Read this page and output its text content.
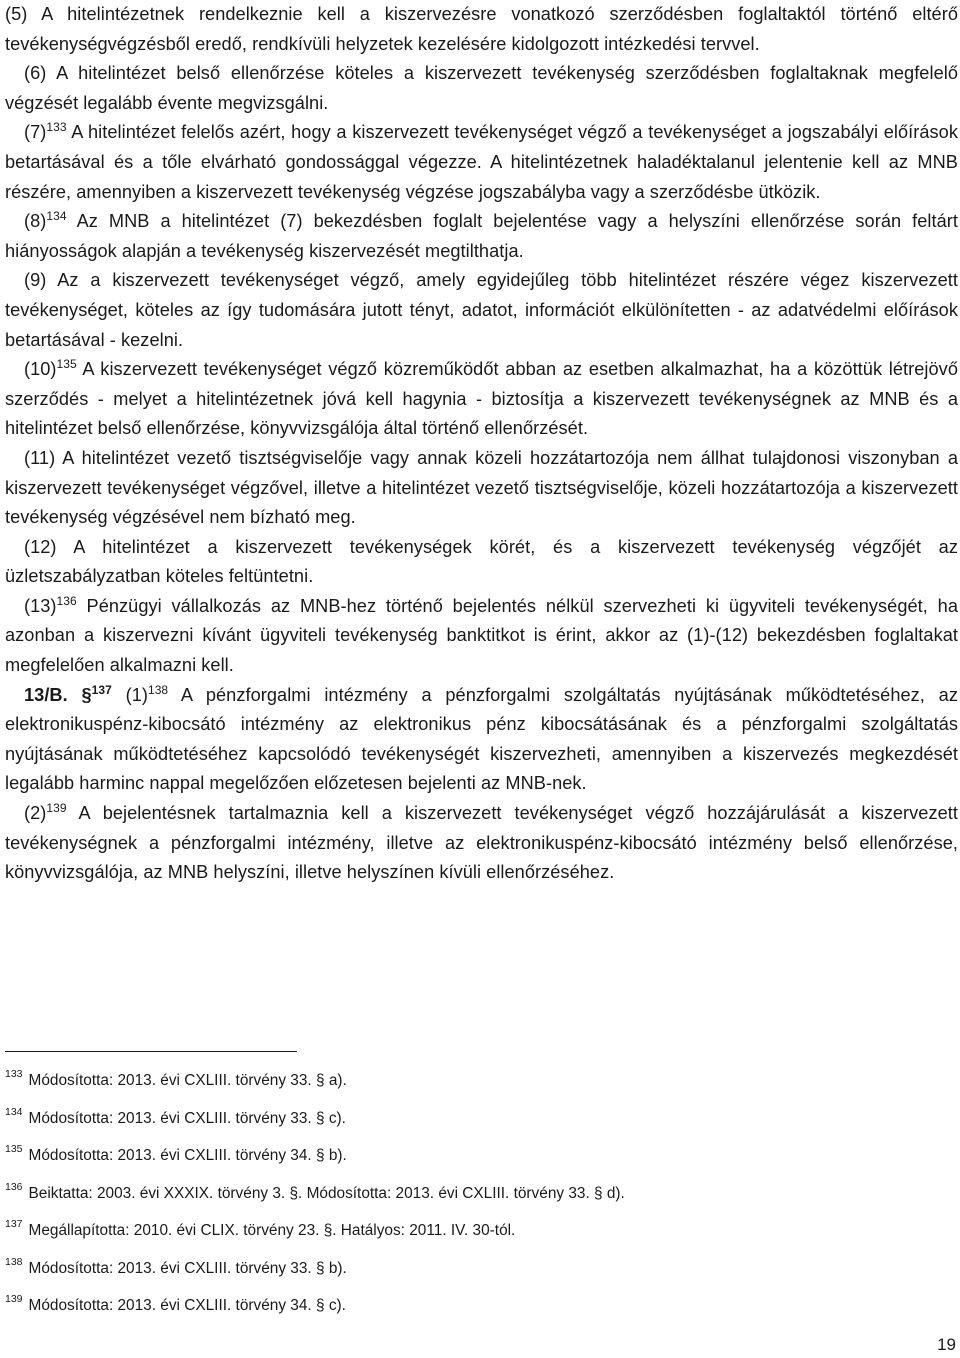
(5) A hitelintézetnek rendelkeznie kell a kiszervezésre vonatkozó szerződésben foglaltaktól történő eltérő tevékenységvégzésből eredő, rendkívüli helyzetek kezelésére kidolgozott intézkedési tervvel.

(6) A hitelintézet belső ellenőrzése köteles a kiszervezett tevékenység szerződésben foglaltaknak megfelelő végzését legalább évente megvizsgálni.

$(7)^{133}$ A hitelintézet felelős azért, hogy a kiszervezett tevékenységet végző a tevékenységet a jogszabályi előírások betartásával és a tőle elvárható gondossággal végezze. A hitelintézetnek haladéktalanul jelentenie kell az MNB részére, amennyiben a kiszervezett tevékenység végzése jogszabályba vagy a szerződésbe ütközik.

$(8)^{134}$ Az MNB a hitelintézet (7) bekezdésben foglalt bejelentése vagy a helyszíni ellenőrzése során feltárt hiányosságok alapján a tevékenység kiszervezését megtilthatja.

(9) Az a kiszervezett tevékenységet végző, amely egyidejűleg több hitelintézet részére végez kiszervezett tevékenységet, köteles az így tudomására jutott tényt, adatot, információt elkülönítetten - az adatvédelmi előírások betartásával - kezelni.

$(10)^{135}$ A kiszervezett tevékenységet végző közreműködőt abban az esetben alkalmazhat, ha a közöttük létrejövő szerződés - melyet a hitelintézetnek jóvá kell hagynia - biztosítja a kiszervezett tevékenységnek az MNB és a hitelintézet belső ellenőrzése, könyvvizsgálója által történő ellenőrzését.

(11) A hitelintézet vezető tisztségviselője vagy annak közeli hozzátartozója nem állhat tulajdonosi viszonyban a kiszervezett tevékenységet végzővel, illetve a hitelintézet vezető tisztségviselője, közeli hozzátartozója a kiszervezett tevékenység végzésével nem bízható meg.

(12) A hitelintézet a kiszervezett tevékenységek körét, és a kiszervezett tevékenység végzőjét az üzletszabályzatban köteles feltüntetni.

$(13)^{136}$ Pénzügyi vállalkozás az MNB-hez történő bejelentés nélkül szervezheti ki ügyviteli tevékenységét, ha azonban a kiszervezni kívánt ügyviteli tevékenység banktitkot is érint, akkor az (1)-(12) bekezdésben foglaltakat megfelelően alkalmazni kell.

13/B. §$^{137}$ $(1)^{138}$ A pénzforgalmi intézmény a pénzforgalmi szolgáltatás nyújtásának működtetéséhez, az elektronikuspénz-kibocsátó intézmény az elektronikus pénz kibocsátásának és a pénzforgalmi szolgáltatás nyújtásának működtetéséhez kapcsolódó tevékenységét kiszervezheti, amennyiben a kiszervezés megkezdését legalább harminc nappal megelőzően előzetesen bejelenti az MNB-nek.

$(2)^{139}$ A bejelentésnek tartalmaznia kell a kiszervezett tevékenységet végző hozzájárulását a kiszervezett tevékenységnek a pénzforgalmi intézmény, illetve az elektronikuspénz-kibocsátó intézmény belső ellenőrzése, könyvvizsgálója, az MNB helyszíni, illetve helyszínen kívüli ellenőrzéséhez.

$^{133}$ Módosította: 2013. évi CXLIII. törvény 33. § a).
$^{134}$ Módosította: 2013. évi CXLIII. törvény 33. § c).
$^{135}$ Módosította: 2013. évi CXLIII. törvény 34. § b).
$^{136}$ Beiktatta: 2003. évi XXXIX. törvény 3. §. Módosította: 2013. évi CXLIII. törvény 33. § d).
$^{137}$ Megállapította: 2010. évi CLIX. törvény 23. §. Hatályos: 2011. IV. 30-tól.
$^{138}$ Módosította: 2013. évi CXLIII. törvény 33. § b).
$^{139}$ Módosította: 2013. évi CXLIII. törvény 34. § c).
19
